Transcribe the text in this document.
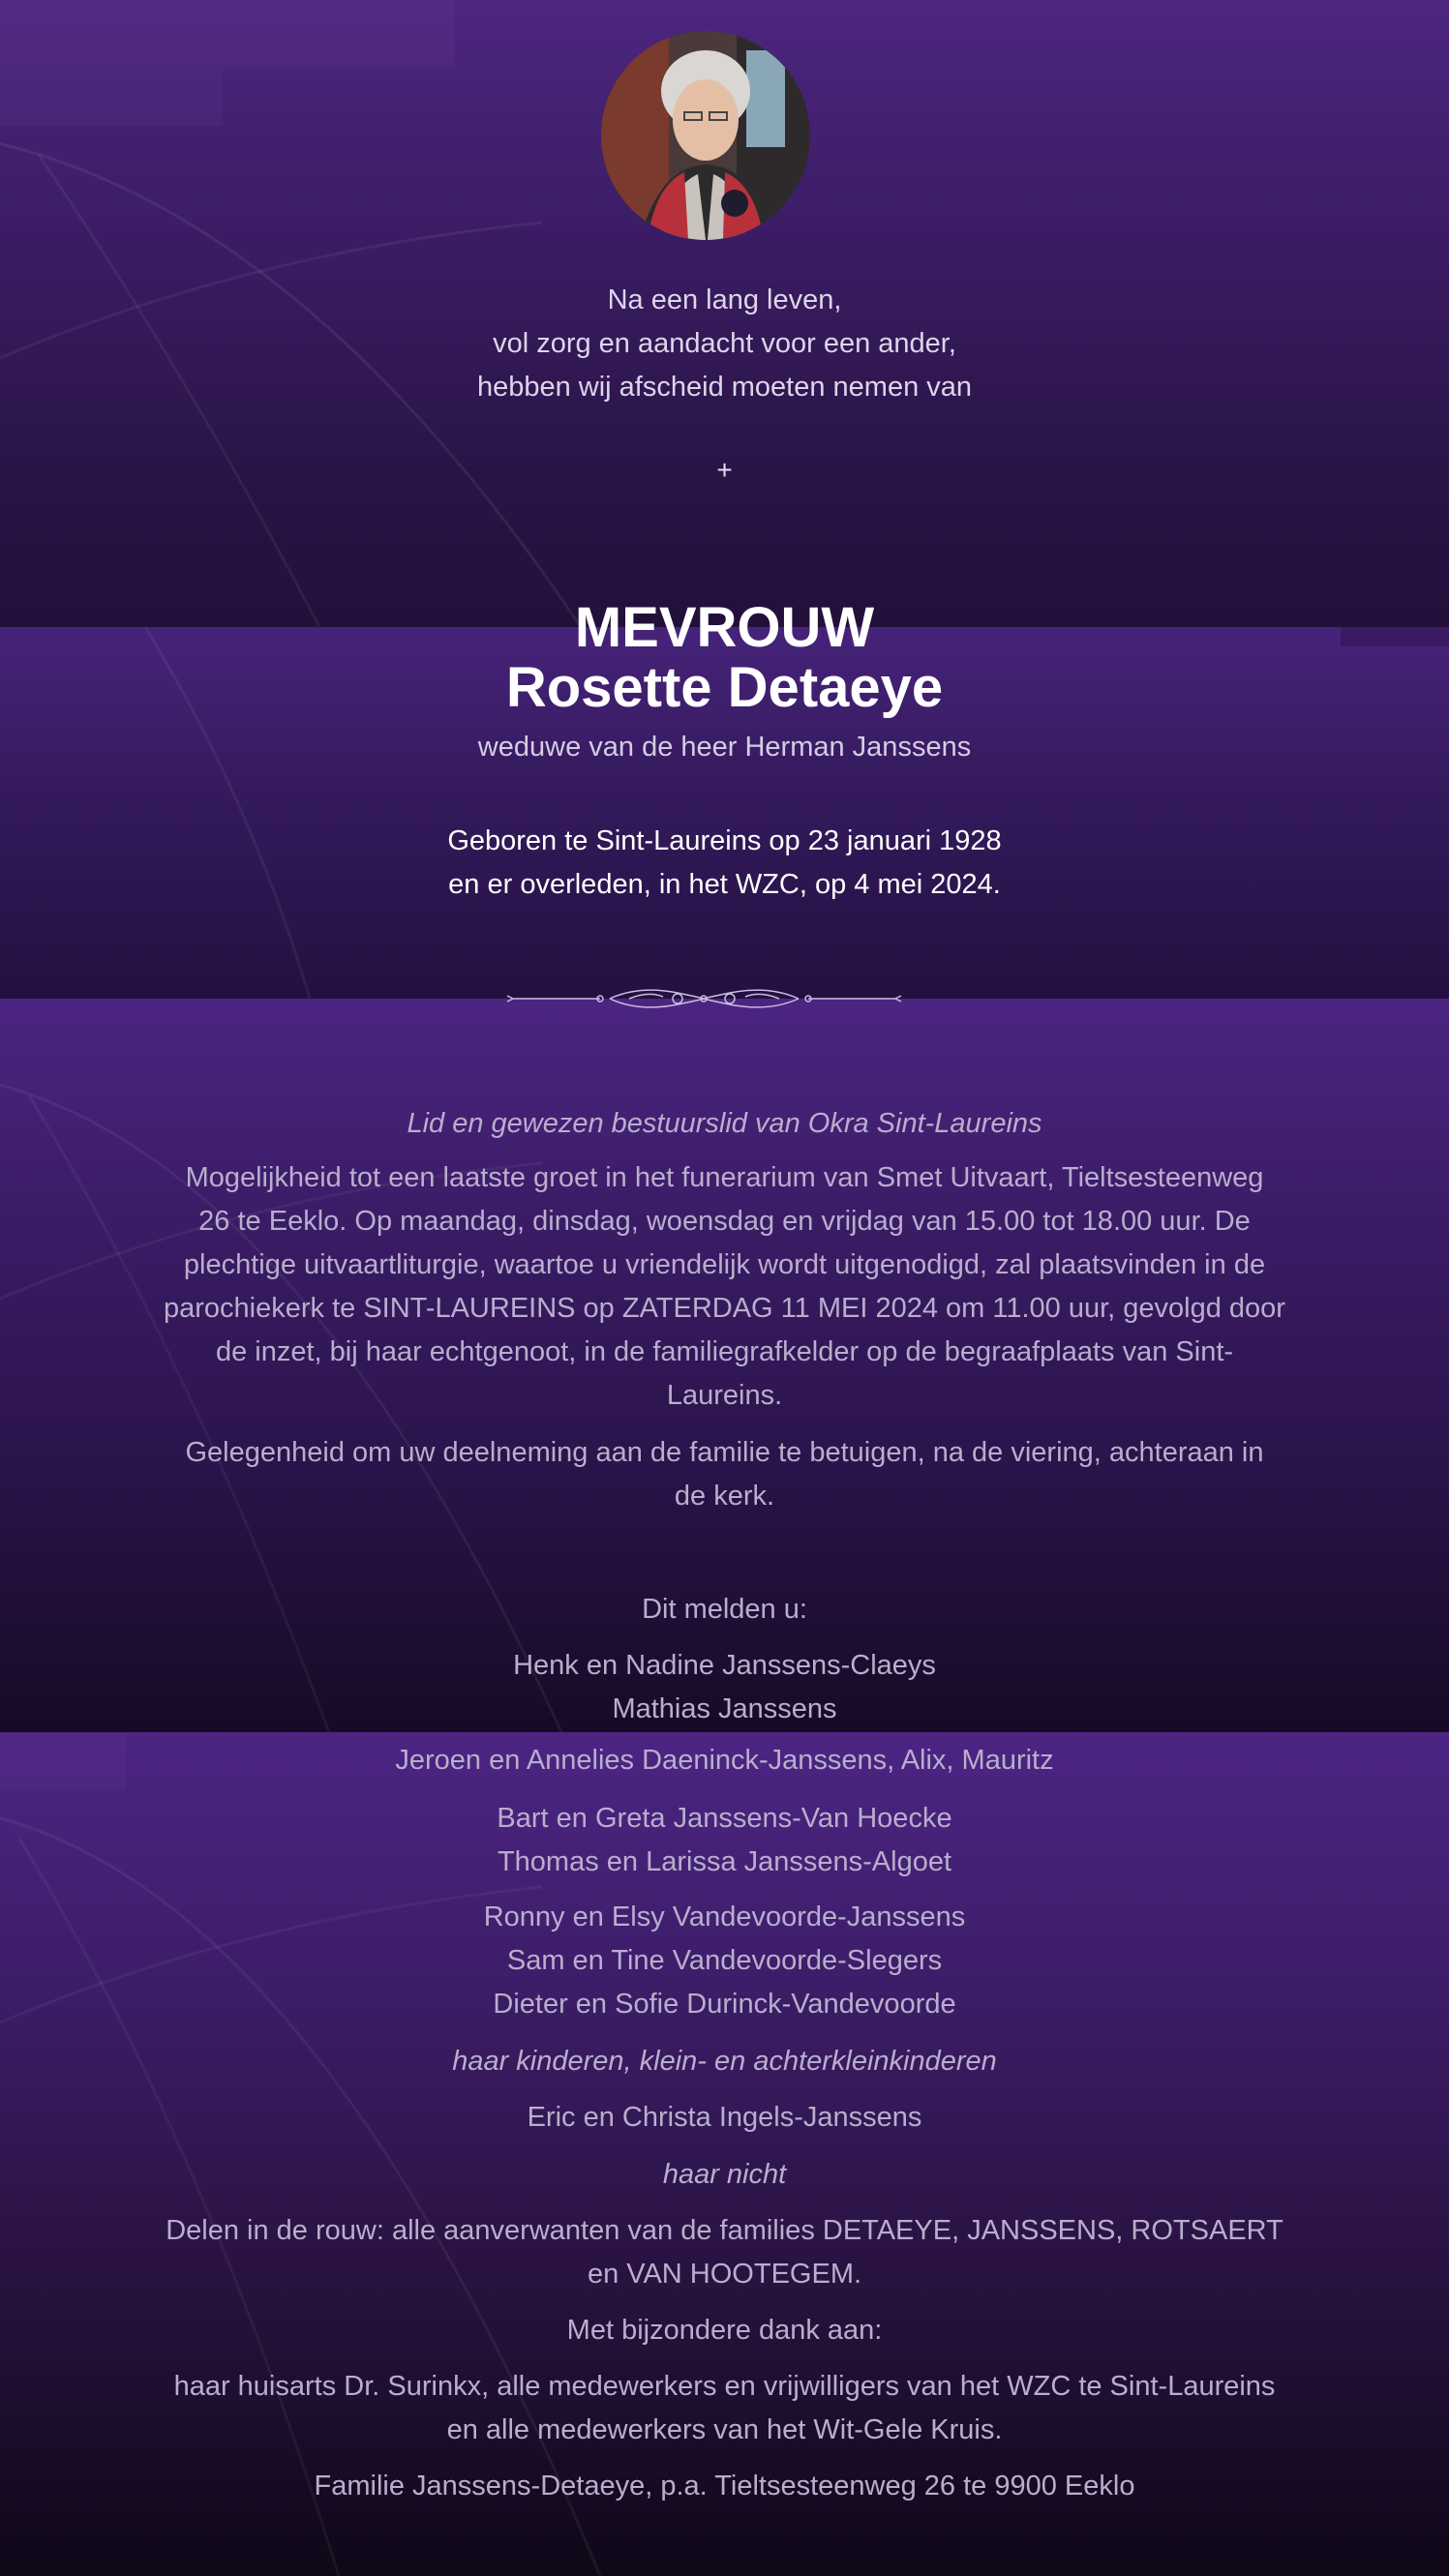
Na een lang leven,
vol zorg en aandacht voor een ander,
hebben wij afscheid moeten nemen van
+
MEVROUW
Rosette Detaeye
weduwe van de heer Herman Janssens
Geboren te Sint-Laureins op 23 januari 1928
en er overleden, in het WZC, op 4 mei 2024.
Lid en gewezen bestuurslid van Okra Sint-Laureins
Mogelijkheid tot een laatste groet in het funerarium van Smet Uitvaart, Tieltsesteenweg
26 te Eeklo. Op maandag, dinsdag, woensdag en vrijdag van 15.00 tot 18.00 uur. De
plechtige uitvaartliturgie, waartoe u vriendelijk wordt uitgenodigd, zal plaatsvinden in de
parochiekerk te SINT-LAUREINS op ZATERDAG 11 MEI 2024 om 11.00 uur, gevolgd door
de inzet, bij haar echtgenoot, in de familiegrafkelder op de begraafplaats van Sint-
Laureins.
Gelegenheid om uw deelneming aan de familie te betuigen, na de viering, achteraan in
de kerk.
Dit melden u:
Henk en Nadine Janssens-Claeys
Mathias Janssens
Jeroen en Annelies Daeninck-Janssens, Alix, Mauritz
Bart en Greta Janssens-Van Hoecke
Thomas en Larissa Janssens-Algoet
Ronny en Elsy Vandevoorde-Janssens
Sam en Tine Vandevoorde-Slegers
Dieter en Sofie Durinck-Vandevoorde
haar kinderen, klein- en achterkleinkinderen
Eric en Christa Ingels-Janssens
haar nicht
Delen in de rouw: alle aanverwanten van de families DETAEYE, JANSSENS, ROTSAERT
en VAN HOOTEGEM.
Met bijzondere dank aan:
haar huisarts Dr. Surinkx, alle medewerkers en vrijwilligers van het WZC te Sint-Laureins
en alle medewerkers van het Wit-Gele Kruis.
Familie Janssens-Detaeye, p.a. Tieltsesteenweg 26 te 9900 Eeklo
